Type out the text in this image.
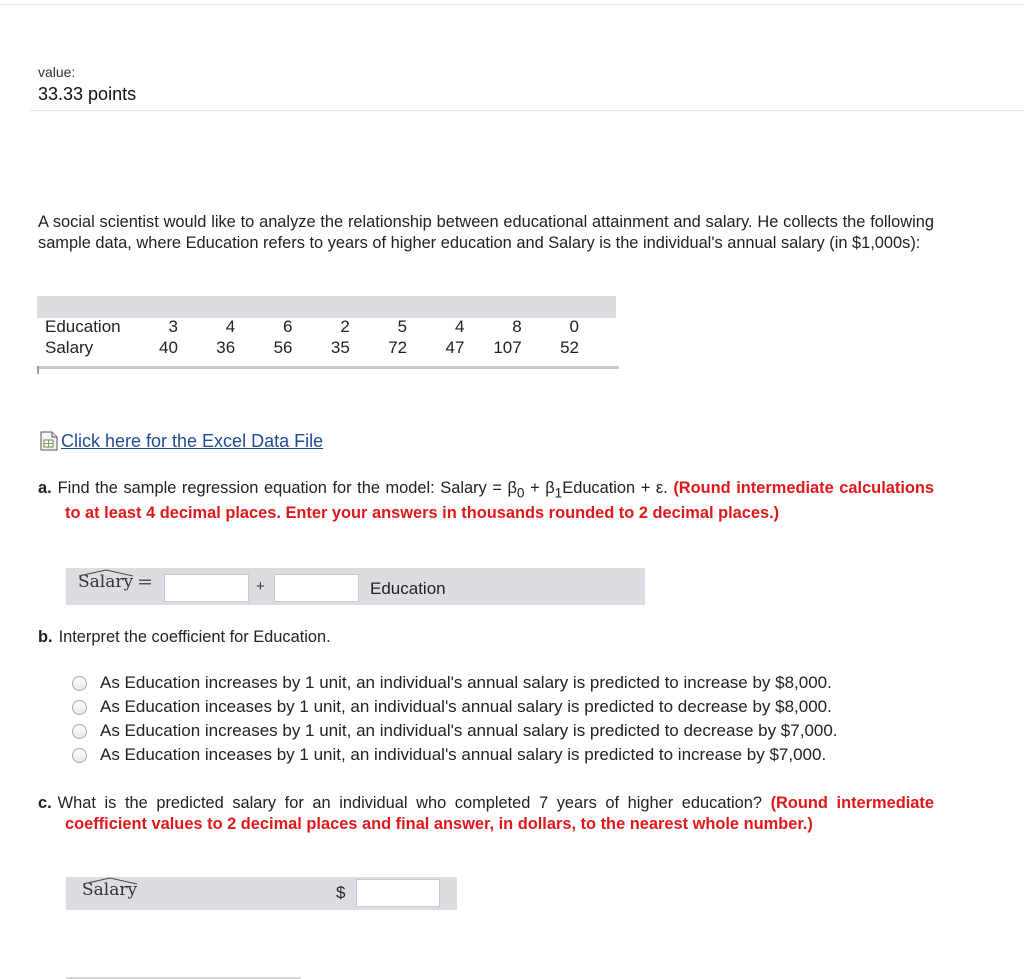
value:
33.33 points
A social scientist would like to analyze the relationship between educational attainment and salary. He collects the following sample data, where Education refers to years of higher education and Salary is the individual's annual salary (in $1,000s):
Education	3	4	6	2	5	4	8	0
Salary	40	36	56	35	72	47	107	52
Click here for the Excel Data File
a. Find the sample regression equation for the model: Salary = $\beta_0$ + $\beta_1Education + \varepsilon$. (Round intermediate calculations to at least 4 decimal places. Enter your answers in thousands rounded to 2 decimal places.)
Salary =	+	Education
b. Interpret the coefficient for Education.
As Education increases by 1 unit, an individual's annual salary is predicted to increase by $8,000.
As Education inceases by 1 unit, an individual's annual salary is predicted to decrease by $8,000.
As Education increases by 1 unit, an individual's annual salary is predicted to decrease by $7,000.
As Education inceases by 1 unit, an individual's annual salary is predicted to increase by $7,000.
c. What is the predicted salary for an individual who completed 7 years of higher education? (Round intermediate coefficient values to 2 decimal places and final answer, in dollars, to the nearest whole number.)
Salary	$
